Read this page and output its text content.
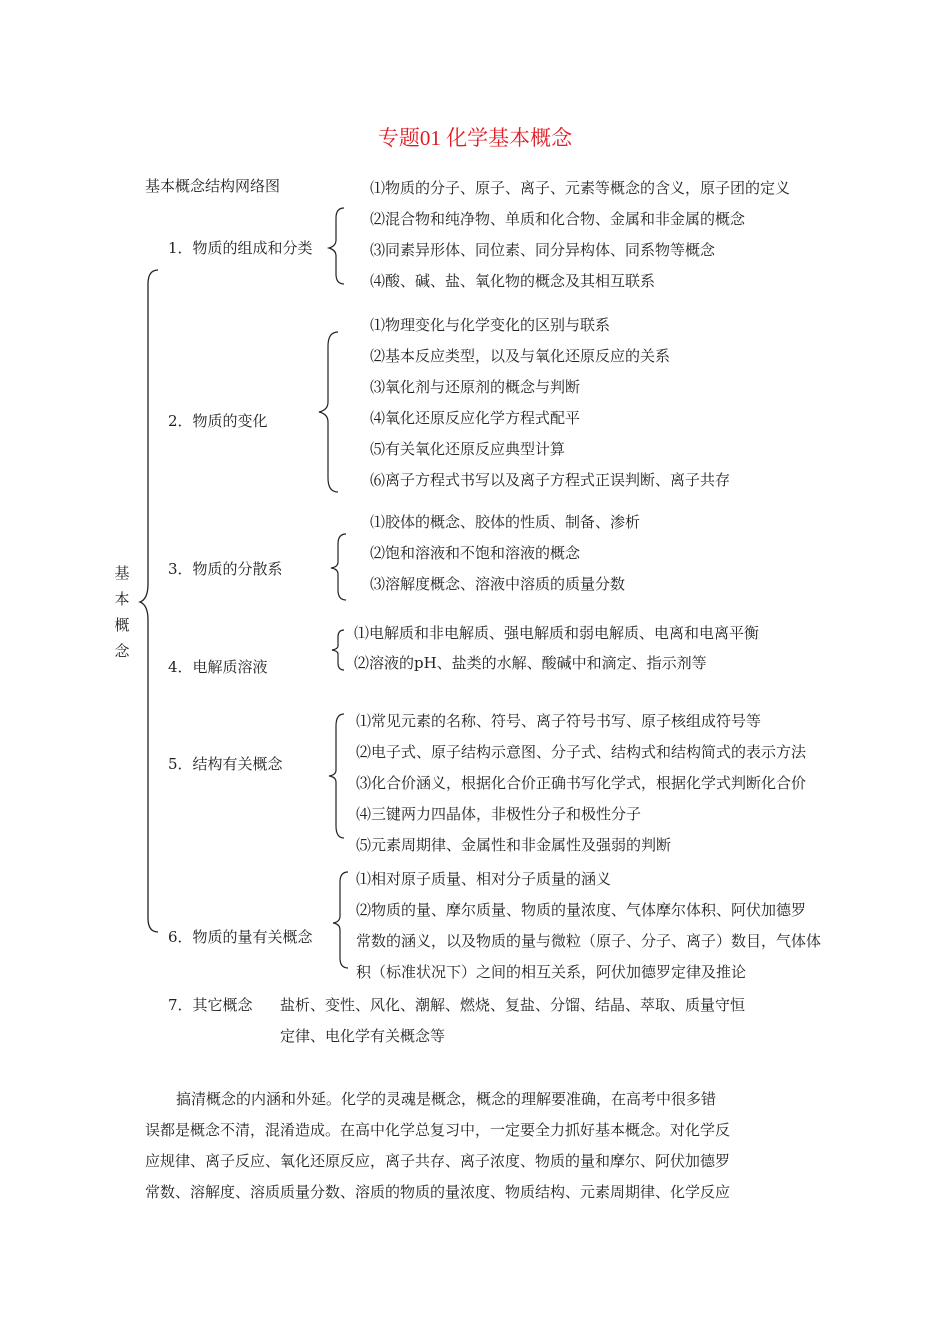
专题01 化学基本概念
基本概念结构网络图
基
本
概
念
1．物质的组成和分类
⑴物质的分子、原子、离子、元素等概念的含义，原子团的定义
⑵混合物和纯净物、单质和化合物、金属和非金属的概念
⑶同素异形体、同位素、同分异构体、同系物等概念
⑷酸、碱、盐、氧化物的概念及其相互联系
2．物质的变化
⑴物理变化与化学变化的区别与联系
⑵基本反应类型，以及与氧化还原反应的关系
⑶氧化剂与还原剂的概念与判断
⑷氧化还原反应化学方程式配平
⑸有关氧化还原反应典型计算
⑹离子方程式书写以及离子方程式正误判断、离子共存
3．物质的分散系
⑴胶体的概念、胶体的性质、制备、渗析
⑵饱和溶液和不饱和溶液的概念
⑶溶解度概念、溶液中溶质的质量分数
4．电解质溶液
⑴电解质和非电解质、强电解质和弱电解质、电离和电离平衡
⑵溶液的pH、盐类的水解、酸碱中和滴定、指示剂等
5．结构有关概念
⑴常见元素的名称、符号、离子符号书写、原子核组成符号等
⑵电子式、原子结构示意图、分子式、结构式和结构简式的表示方法
⑶化合价涵义，根据化合价正确书写化学式，根据化学式判断化合价
⑷三键两力四晶体，非极性分子和极性分子
⑸元素周期律、金属性和非金属性及强弱的判断
6．物质的量有关概念
⑴相对原子质量、相对分子质量的涵义
⑵物质的量、摩尔质量、物质的量浓度、气体摩尔体积、阿伏加德罗
常数的涵义，以及物质的量与微粒（原子、分子、离子）数目，气体体
积（标准状况下）之间的相互关系，阿伏加德罗定律及推论
7．其它概念 盐析、变性、风化、潮解、燃烧、复盐、分馏、结晶、萃取、质量守恒
定律、电化学有关概念等
搞清概念的内涵和外延。化学的灵魂是概念，概念的理解要准确，在高考中很多错
误都是概念不清，混淆造成。在高中化学总复习中，一定要全力抓好基本概念。对化学反
应规律、离子反应、氧化还原反应，离子共存、离子浓度、物质的量和摩尔、阿伏加德罗
常数、溶解度、溶质质量分数、溶质的物质的量浓度、物质结构、元素周期律、化学反应
